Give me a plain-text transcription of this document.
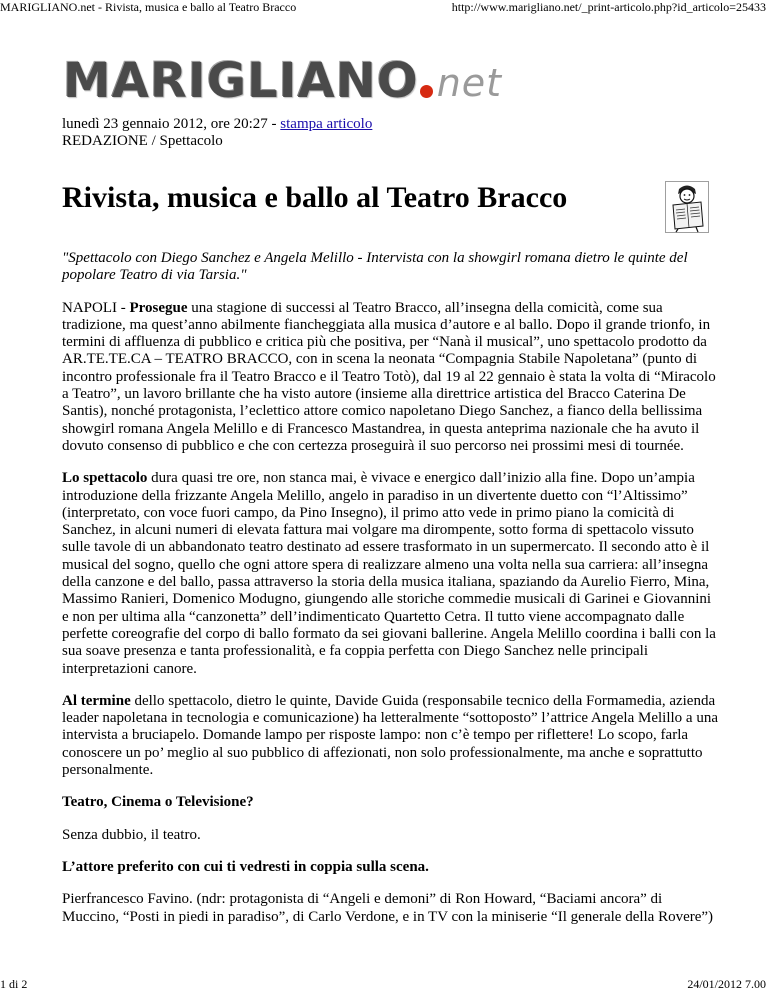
MARIGLIANO.net - Rivista, musica e ballo al Teatro Bracco	http://www.marigliano.net/_print-articolo.php?id_articolo=25433
MARIGLIANO net
lunedì 23 gennaio 2012, ore 20:27 - stampa articolo
REDAZIONE / Spettacolo
Rivista, musica e ballo al Teatro Bracco

"Spettacolo con Diego Sanchez e Angela Melillo - Intervista con la showgirl romana dietro le quinte del popolare Teatro di via Tarsia."

NAPOLI - Prosegue una stagione di successi al Teatro Bracco, all’insegna della comicità, come sua tradizione, ma quest’anno abilmente fiancheggiata alla musica d’autore e al ballo. Dopo il grande trionfo, in termini di affluenza di pubblico e critica più che positiva, per “Nanà il musical”, uno spettacolo prodotto da AR.TE.TE.CA – TEATRO BRACCO, con in scena la neonata “Compagnia Stabile Napoletana” (punto di incontro professionale fra il Teatro Bracco e il Teatro Totò), dal 19 al 22 gennaio è stata la volta di “Miracolo a Teatro”, un lavoro brillante che ha visto autore (insieme alla direttrice artistica del Bracco Caterina De Santis), nonché protagonista, l’eclettico attore comico napoletano Diego Sanchez, a fianco della bellissima showgirl romana Angela Melillo e di Francesco Mastandrea, in questa anteprima nazionale che ha avuto il dovuto consenso di pubblico e che con certezza proseguirà il suo percorso nei prossimi mesi di tournée.

Lo spettacolo dura quasi tre ore, non stanca mai, è vivace e energico dall’inizio alla fine. Dopo un’ampia introduzione della frizzante Angela Melillo, angelo in paradiso in un divertente duetto con “l’Altissimo” (interpretato, con voce fuori campo, da Pino Insegno), il primo atto vede in primo piano la comicità di Sanchez, in alcuni numeri di elevata fattura mai volgare ma dirompente, sotto forma di spettacolo vissuto sulle tavole di un abbandonato teatro destinato ad essere trasformato in un supermercato. Il secondo atto è il musical del sogno, quello che ogni attore spera di realizzare almeno una volta nella sua carriera: all’insegna della canzone e del ballo, passa attraverso la storia della musica italiana, spaziando da Aurelio Fierro, Mina, Massimo Ranieri, Domenico Modugno, giungendo alle storiche commedie musicali di Garinei e Giovannini e non per ultima alla “canzonetta” dell’indimenticato Quartetto Cetra. Il tutto viene accompagnato dalle perfette coreografie del corpo di ballo formato da sei giovani ballerine. Angela Melillo coordina i balli con la sua soave presenza e tanta professionalità, e fa coppia perfetta con Diego Sanchez nelle principali interpretazioni canore.

Al termine dello spettacolo, dietro le quinte, Davide Guida (responsabile tecnico della Formamedia, azienda leader napoletana in tecnologia e comunicazione) ha letteralmente “sottoposto” l’attrice Angela Melillo a una intervista a bruciapelo. Domande lampo per risposte lampo: non c’è tempo per riflettere! Lo scopo, farla conoscere un po’ meglio al suo pubblico di affezionati, non solo professionalmente, ma anche e soprattutto personalmente.

Teatro, Cinema o Televisione?

Senza dubbio, il teatro.

L’attore preferito con cui ti vedresti in coppia sulla scena.

Pierfrancesco Favino. (ndr: protagonista di “Angeli e demoni” di Ron Howard, “Baciami ancora” di Muccino, “Posti in piedi in paradiso”, di Carlo Verdone, e in TV con la miniserie “Il generale della Rovere”)

1 di 2	24/01/2012 7.00
